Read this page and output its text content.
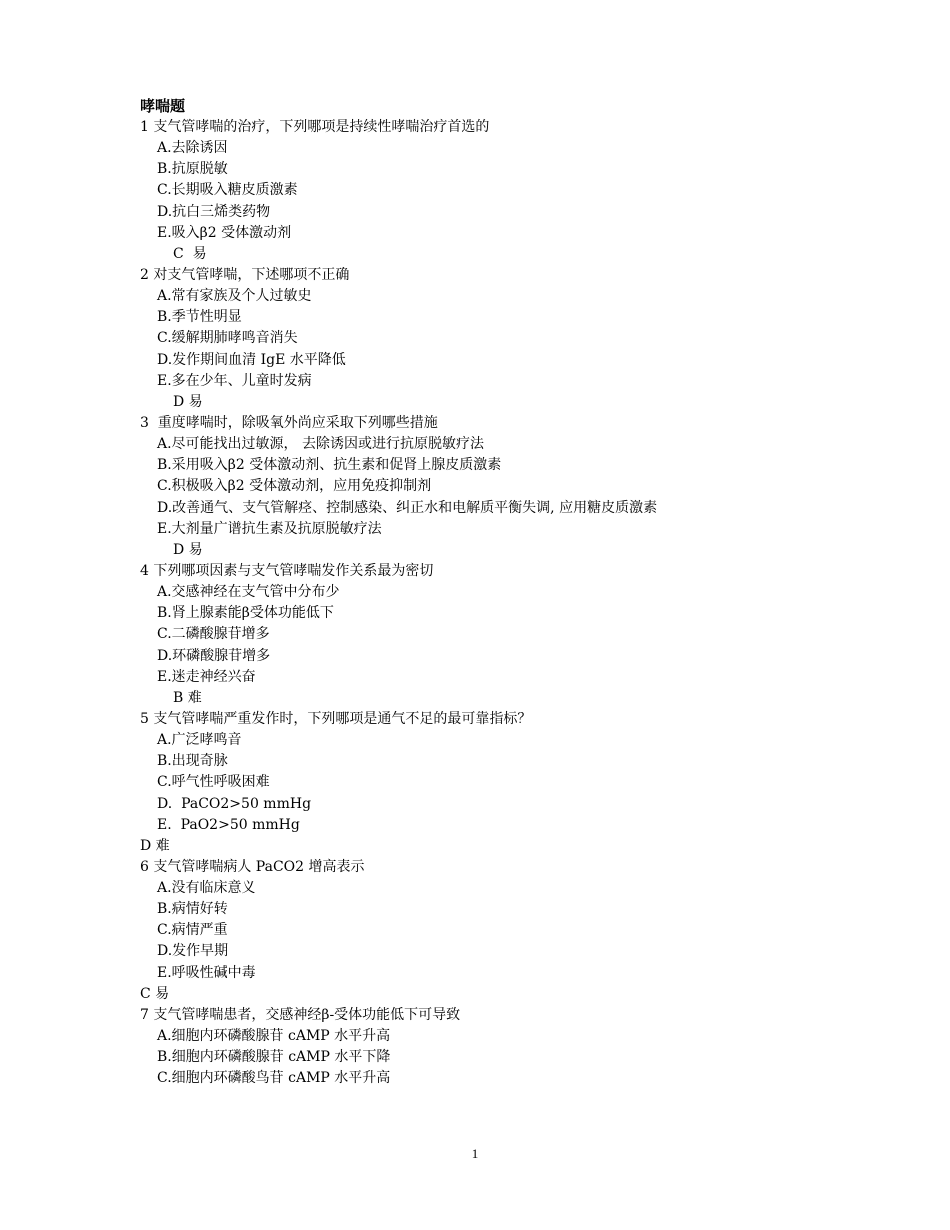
哮喘题
1 支气管哮喘的治疗，下列哪项是持续性哮喘治疗首选的
A.去除诱因
B.抗原脱敏
C.长期吸入糖皮质激素
D.抗白三烯类药物
E.吸入β2 受体激动剂
C  易
2 对支气管哮喘，下述哪项不正确
A.常有家族及个人过敏史
B.季节性明显
C.缓解期肺哮鸣音消失
D.发作期间血清 IgE 水平降低
E.多在少年、儿童时发病
D 易
3  重度哮喘时，除吸氧外尚应采取下列哪些措施
A.尽可能找出过敏源， 去除诱因或进行抗原脱敏疗法
B.采用吸入β2 受体激动剂、抗生素和促肾上腺皮质激素
C.积极吸入β2 受体激动剂，应用免疫抑制剂
D.改善通气、支气管解痉、控制感染、纠正水和电解质平衡失调, 应用糖皮质激素
E.大剂量广谱抗生素及抗原脱敏疗法
D 易
4 下列哪项因素与支气管哮喘发作关系最为密切
A.交感神经在支气管中分布少
B.肾上腺素能β受体功能低下
C.二磷酸腺苷增多
D.环磷酸腺苷增多
E.迷走神经兴奋
B 难
5 支气管哮喘严重发作时，下列哪项是通气不足的最可靠指标？
A.广泛哮鸣音
B.出现奇脉
C.呼气性呼吸困难
D.  PaCO2>50 mmHg
E.  PaO2>50 mmHg
D 难
6 支气管哮喘病人 PaCO2 增高表示
A.没有临床意义
B.病情好转
C.病情严重
D.发作早期
E.呼吸性碱中毒
C 易
7 支气管哮喘患者，交感神经β-受体功能低下可导致
A.细胞内环磷酸腺苷 cAMP 水平升高
B.细胞内环磷酸腺苷 cAMP 水平下降
C.细胞内环磷酸鸟苷 cAMP 水平升高
1
